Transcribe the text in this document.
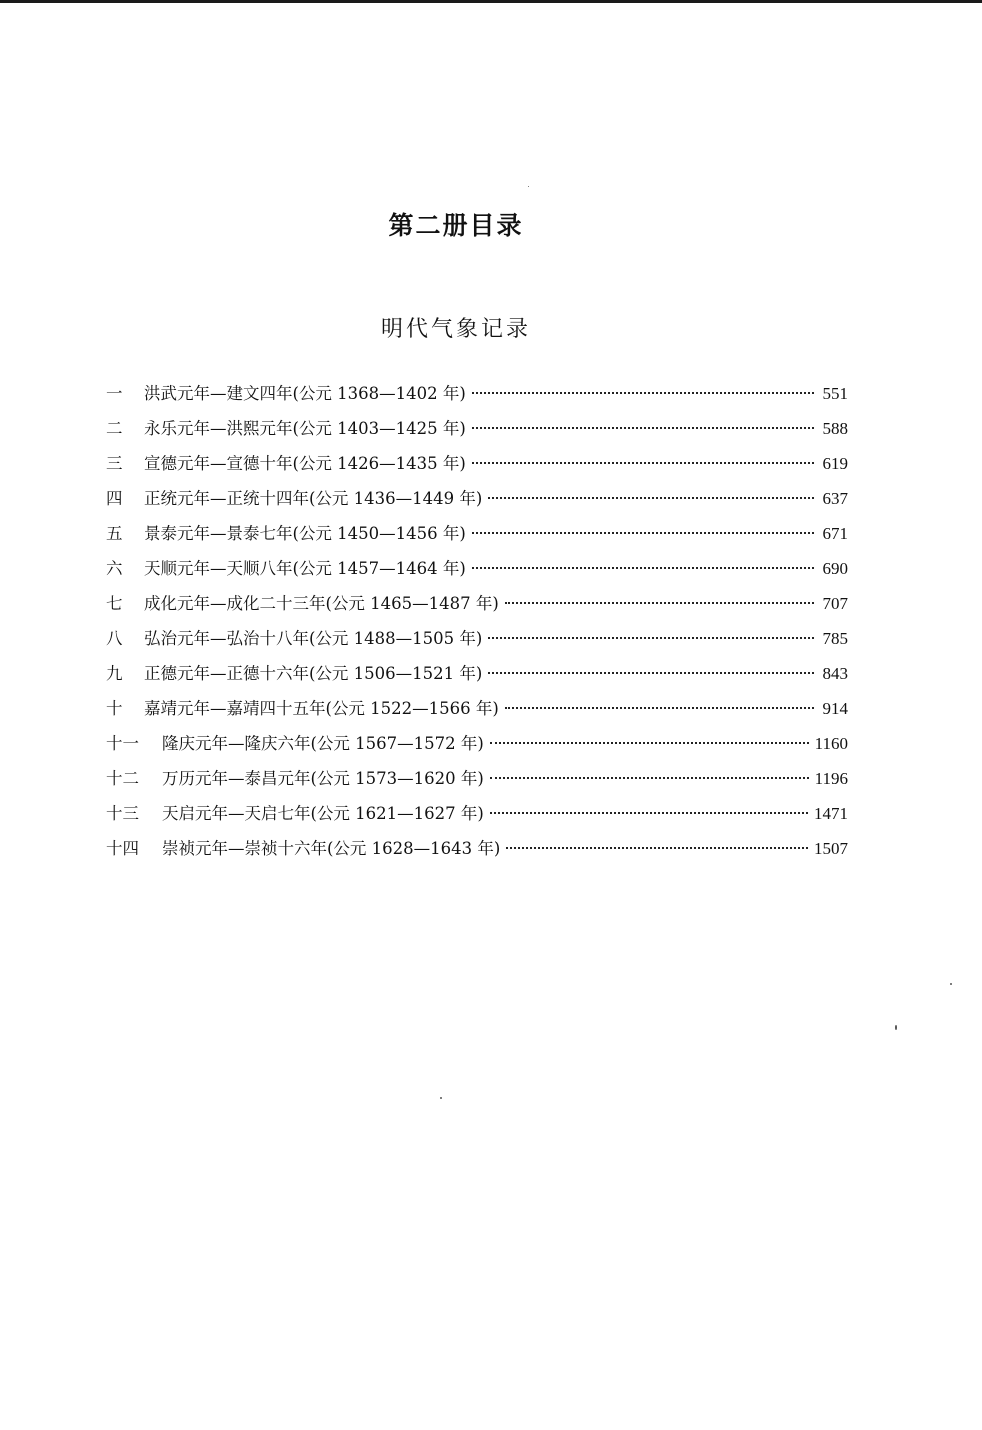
第二册目录
明代气象记录
一	洪武元年—建文四年(公元 1368—1402 年)	551
二	永乐元年—洪熙元年(公元 1403—1425 年)	588
三	宣德元年—宣德十年(公元 1426—1435 年)	619
四	正统元年—正统十四年(公元 1436—1449 年)	637
五	景泰元年—景泰七年(公元 1450—1456 年)	671
六	天顺元年—天顺八年(公元 1457—1464 年)	690
七	成化元年—成化二十三年(公元 1465—1487 年)	707
八	弘治元年—弘治十八年(公元 1488—1505 年)	785
九	正德元年—正德十六年(公元 1506—1521 年)	843
十	嘉靖元年—嘉靖四十五年(公元 1522—1566 年)	914
十一	隆庆元年—隆庆六年(公元 1567—1572 年)	1160
十二	万历元年—泰昌元年(公元 1573—1620 年)	1196
十三	天启元年—天启七年(公元 1621—1627 年)	1471
十四	崇祯元年—崇祯十六年(公元 1628—1643 年)	1507
